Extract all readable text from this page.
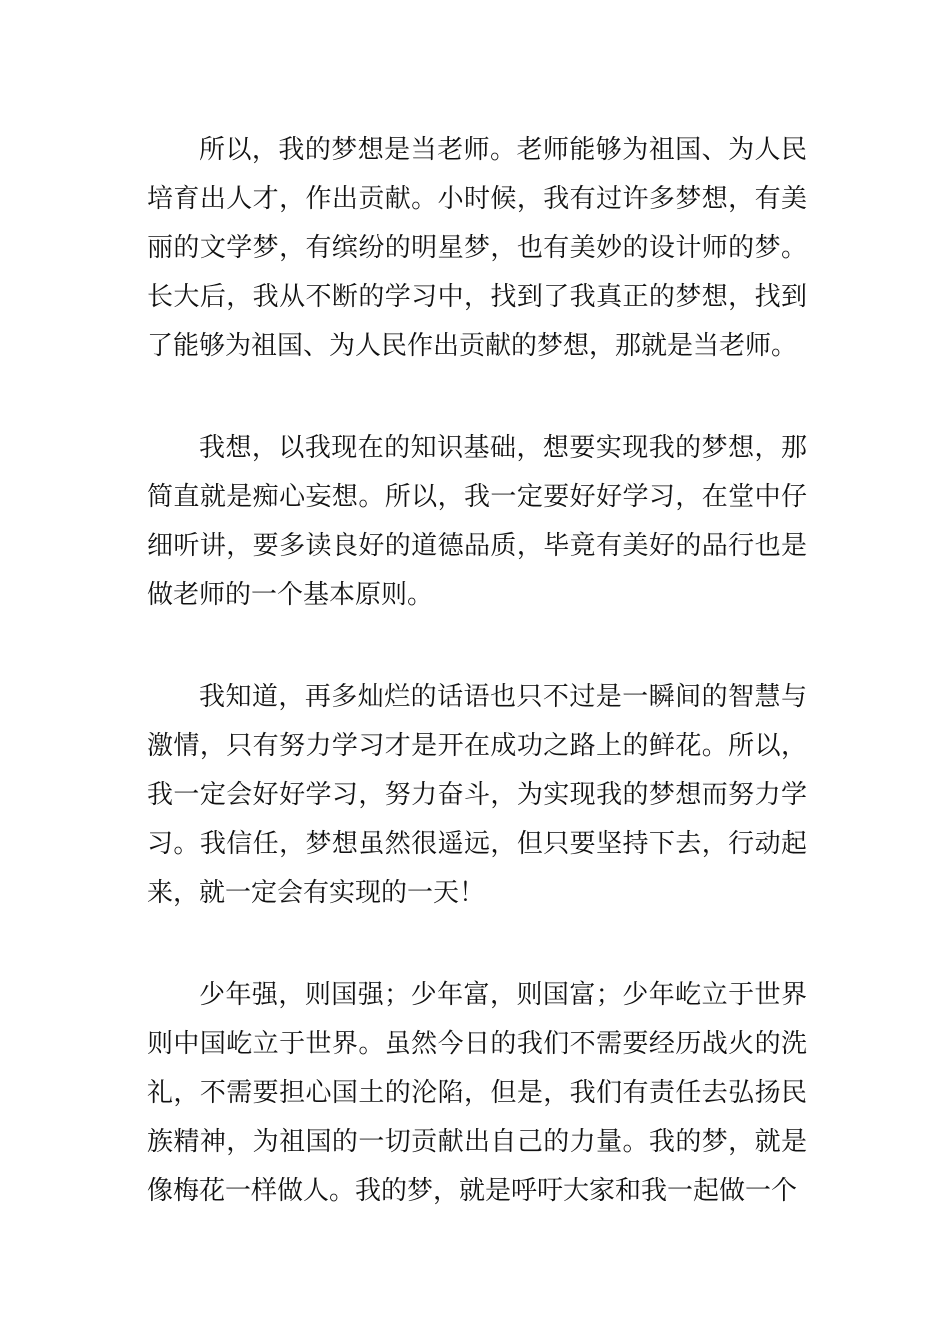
所以，我的梦想是当老师。老师能够为祖国、为人民培育出人才，作出贡献。小时候，我有过许多梦想，有美丽的文学梦，有缤纷的明星梦，也有美妙的设计师的梦。长大后，我从不断的学习中，找到了我真正的梦想，找到了能够为祖国、为人民作出贡献的梦想，那就是当老师。

我想，以我现在的知识基础，想要实现我的梦想，那简直就是痴心妄想。所以，我一定要好好学习，在堂中仔细听讲，要多读良好的道德品质，毕竟有美好的品行也是做老师的一个基本原则。

我知道，再多灿烂的话语也只不过是一瞬间的智慧与激情，只有努力学习才是开在成功之路上的鲜花。所以，我一定会好好学习，努力奋斗，为实现我的梦想而努力学习。我信任，梦想虽然很遥远，但只要坚持下去，行动起来，就一定会有实现的一天！

少年强，则国强；少年富，则国富；少年屹立于世界则中国屹立于世界。虽然今日的我们不需要经历战火的洗礼，不需要担心国土的沦陷，但是，我们有责任去弘扬民族精神，为祖国的一切贡献出自己的力量。我的梦，就是像梅花一样做人。我的梦，就是呼吁大家和我一起做一个
